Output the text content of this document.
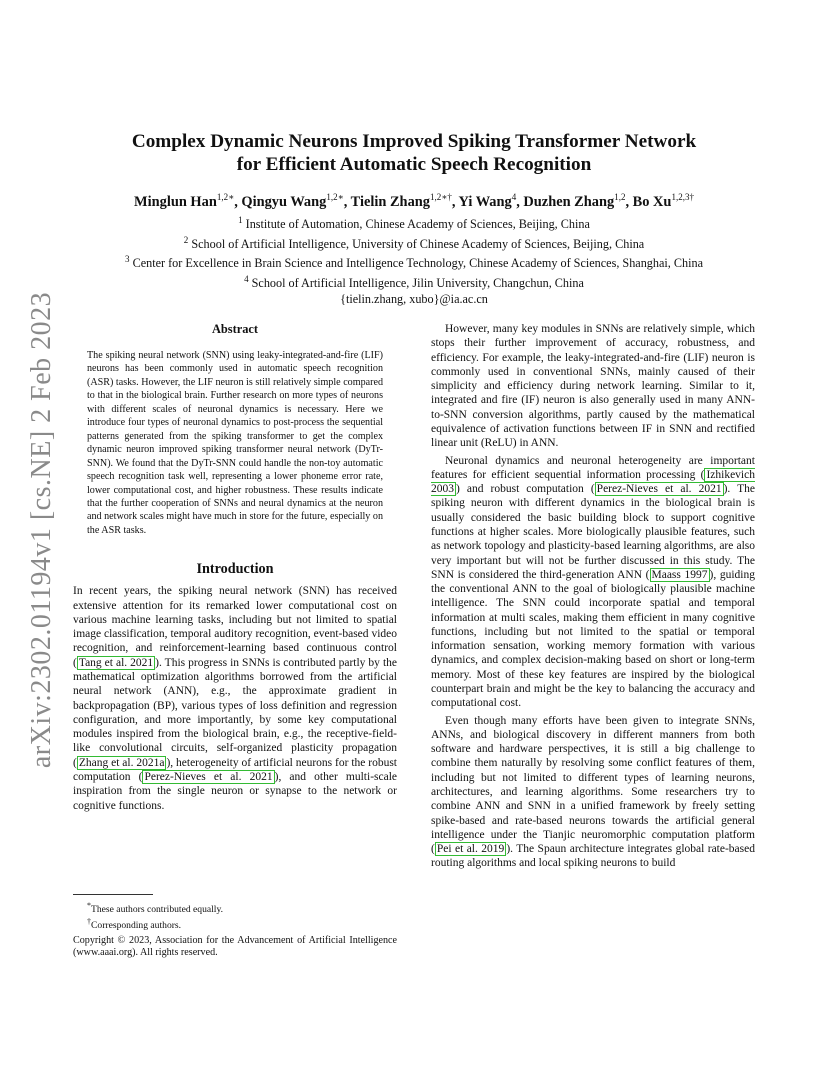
arXiv:2302.01194v1 [cs.NE] 2 Feb 2023
Complex Dynamic Neurons Improved Spiking Transformer Network
for Efficient Automatic Speech Recognition
Minglun Han$^{1,2∗}$, Qingyu Wang$^{1,2∗}$, Tielin Zhang$^{1,2∗\dagger}$, Yi Wang$^4$, Duzhen Zhang$^{1,2}$, Bo $Xu^{1,2,3\dagger}$
$^1$ Institute of Automation, Chinese Academy of Sciences, Beijing, China
$^2$ School of Artificial Intelligence, University of Chinese Academy of Sciences, Beijing, China
$^3$ Center for Excellence in Brain Science and Intelligence Technology, Chinese Academy of Sciences, Shanghai, China
$^4$ School of Artificial Intelligence, Jilin University, Changchun, China
{tielin.zhang, xubo}@ia.ac.cn
Abstract

The spiking neural network (SNN) using leaky-integrated-and-fire (LIF) neurons has been commonly used in automatic speech recognition (ASR) tasks. However, the LIF neuron is still relatively simple compared to that in the biological brain. Further research on more types of neurons with different scales of neuronal dynamics is necessary. Here we introduce four types of neuronal dynamics to post-process the sequential patterns generated from the spiking transformer to get the complex dynamic neuron improved spiking transformer neural network (DyTr-SNN). We found that the DyTr-SNN could handle the non-toy automatic speech recognition task well, representing a lower phoneme error rate, lower computational cost, and higher robustness. These results indicate that the further cooperation of SNNs and neural dynamics at the neuron and network scales might have much in store for the future, especially on the ASR tasks.

Introduction

In recent years, the spiking neural network (SNN) has received extensive attention for its remarked lower computational cost on various machine learning tasks, including but not limited to spatial image classification, temporal auditory recognition, event-based video recognition, and reinforcement-learning based continuous control ( Tang et al. 2021 ). This progress in SNNs is contributed partly by the mathematical optimization algorithms borrowed from the artificial neural network (ANN), e.g., the approximate gradient in backpropagation (BP), various types of loss definition and regression configuration, and more importantly, by some key computational modules inspired from the biological brain, e.g., the receptive-field-like convolutional circuits, self-organized plasticity propagation ( Zhang et al. 2021a ), heterogeneity of artificial neurons for the robust computation ( Perez-Nieves et al. 2021 ), and other multi-scale inspiration from the single neuron or synapse to the network or cognitive functions.

However, many key modules in SNNs are relatively simple, which stops their further improvement of accuracy, robustness, and efficiency. For example, the leaky-integrated-and-fire (LIF) neuron is commonly used in conventional SNNs, mainly caused of their simplicity and efficiency during network learning. Similar to it, integrated and fire (IF) neuron is also generally used in many ANN-to-SNN conversion algorithms, partly caused by the mathematical equivalence of activation functions between IF in SNN and rectified linear unit (ReLU) in ANN.

Neuronal dynamics and neuronal heterogeneity are important features for efficient sequential information processing ( Izhikevich 2003 ) and robust computation ( Perez-Nieves et al. 2021 ). The spiking neuron with different dynamics in the biological brain is usually considered the basic building block to support cognitive functions at higher scales. More biologically plausible features, such as network topology and plasticity-based learning algorithms, are also very important but will not be further discussed in this study. The SNN is considered the third-generation ANN ( Maass 1997 ), guiding the conventional ANN to the goal of biologically plausible machine intelligence. The SNN could incorporate spatial and temporal information at multi scales, making them efficient in many cognitive functions, including but not limited to the spatial or temporal information sensation, working memory formation with various dynamics, and complex decision-making based on short or long-term memory. Most of these key features are inspired by the biological counterpart brain and might be the key to balancing the accuracy and computational cost.

Even though many efforts have been given to integrate SNNs, ANNs, and biological discovery in different manners from both software and hardware perspectives, it is still a big challenge to combine them naturally by resolving some conflict features of them, including but not limited to different types of learning neurons, architectures, and learning algorithms. Some researchers try to combine ANN and SNN in a unified framework by freely setting spike-based and rate-based neurons towards the artificial general intelligence under the Tianjic neuromorphic computation platform ( Pei et al. 2019 ). The Spaun architecture integrates global rate-based routing algorithms and local spiking neurons to build

*These authors contributed equally.

†Corresponding authors.

Copyright © 2023, Association for the Advancement of Artificial Intelligence (www.aaai.org). All rights reserved.
